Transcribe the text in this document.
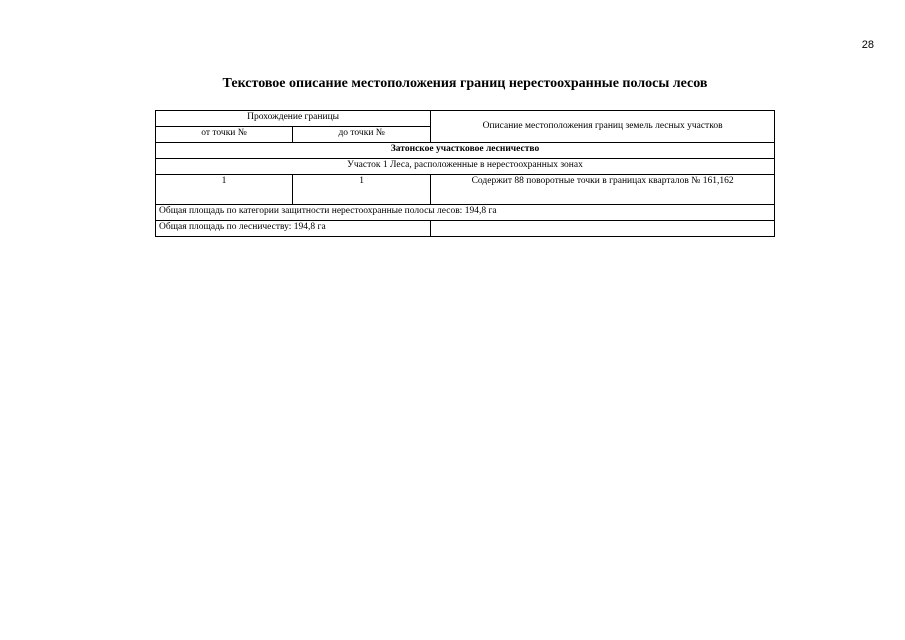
28
Текстовое описание местоположения границ нерестоохранные полосы лесов
Прохождение границы		Описание местоположения границ земель лесных участков
от точки №	до точки №	
Затонское участковое лесничество		
Участок 1 Леса, расположенные в нерестоохранных зонах		
1	1	Содержит 88 поворотные точки в границах кварталов № 161,162
Общая площадь по категории защитности нерестоохранные полосы лесов: 194,8 га		
Общая площадь по лесничеству: 194,8 га		
